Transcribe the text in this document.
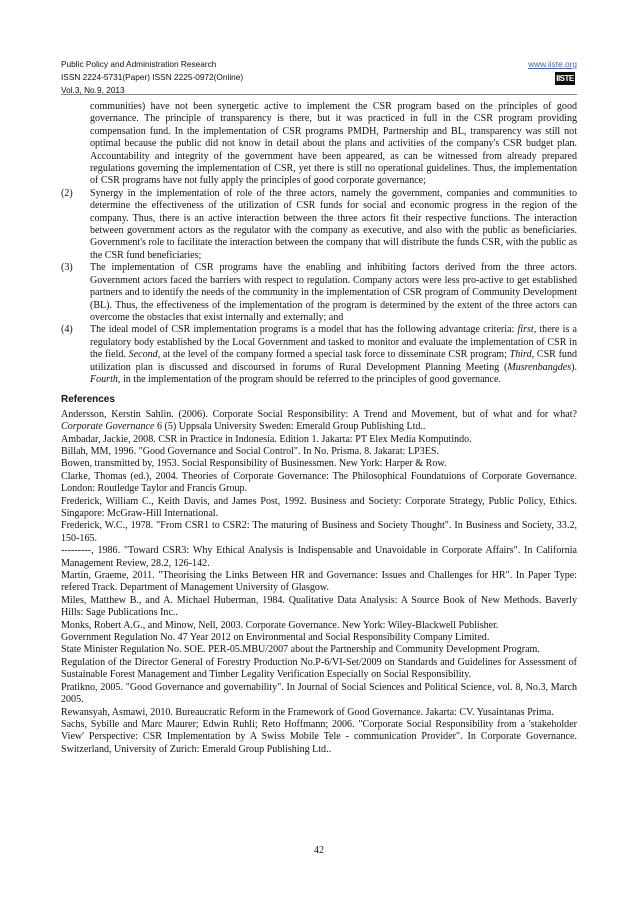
Public Policy and Administration Research
ISSN 2224-5731(Paper) ISSN 2225-0972(Online)
Vol.3, No.9, 2013
www.iiste.org
IISTE
communities) have not been synergetic active to implement the CSR program based on the principles of good governance. The principle of transparency is there, but it was practiced in full in the CSR program providing compensation fund. In the implementation of CSR programs PMDH, Partnership and BL, transparency was still not optimal because the public did not know in detail about the plans and activities of the company's CSR budget plan. Accountability and integrity of the government have been appeared, as can be witnessed from already prepared regulations governing the implementation of CSR, yet there is still no operational guidelines. Thus, the implementation of CSR programs have not fully apply the principles of good corporate governance;
(2) Synergy in the implementation of role of the three actors, namely the government, companies and communities to determine the effectiveness of the utilization of CSR funds for social and economic progress in the region of the company. Thus, there is an active interaction between the three actors fit their respective functions. The interaction between government actors as the regulator with the company as executive, and also with the public as beneficiaries. Government's role to facilitate the interaction between the company that will distribute the funds CSR, with the public as the CSR fund beneficiaries;
(3) The implementation of CSR programs have the enabling and inhibiting factors derived from the three actors. Government actors faced the barriers with respect to regulation. Company actors were less pro-active to get established partners and to identify the needs of the community in the implementation of CSR program of Community Development (BL). Thus, the effectiveness of the implementation of the program is determined by the extent of the three actors can overcome the obstacles that exist internally and externally; and
(4) The ideal model of CSR implementation programs is a model that has the following advantage criteria: first, there is a regulatory body established by the Local Government and tasked to monitor and evaluate the implementation of CSR in the field. Second, at the level of the company formed a special task force to disseminate CSR program; Third, CSR fund utilization plan is discussed and discoursed in forums of Rural Development Planning Meeting (Musrenbangdes). Fourth, in the implementation of the program should be referred to the principles of good governance.
References

Andersson, Kerstin Sahlin. (2006). Corporate Social Responsibility: A Trend and Movement, but of what and for what? Corporate Governance 6 (5) Uppsala University Sweden: Emerald Group Publishing Ltd..

Ambadar, Jackie, 2008. CSR in Practice in Indonesia. Edition 1. Jakarta: PT Elex Media Komputindo.

Billah, MM, 1996. "Good Governance and Social Control". In No. Prisma. 8. Jakarat: LP3ES.

Bowen, transmitted by, 1953. Social Responsibility of Businessmen. New York: Harper & Row.

Clarke, Thomas (ed.), 2004. Theories of Corporate Governance: The Philosophical Foundatuions of Corporate Governance. London: Routledge Taylor and Francis Group.

Frederick, William C., Keith Davis, and James Post, 1992. Business and Society: Corporate Strategy, Public Policy, Ethics. Singapore: McGraw-Hill International.

Frederick, W.C., 1978. "From CSR1 to CSR2: The maturing of Business and Society Thought". In Business and Society, 33.2, 150-165.

---------, 1986. "Toward CSR3: Why Ethical Analysis is Indispensable and Unavoidable in Corporate Affairs". In California Management Review, 28.2, 126-142.

Martin, Graeme, 2011. "Theorising the Links Between HR and Governance: Issues and Challenges for HR". In Paper Type: refered Track. Department of Management University of Glasgow.

Miles, Matthew B., and A. Michael Huberman, 1984. Qualitative Data Analysis: A Source Book of New Methods. Baverly Hills: Sage Publications Inc..

Monks, Robert A.G., and Minow, Nell, 2003. Corporate Governance. New York: Wiley-Blackwell Publisher.

Government Regulation No. 47 Year 2012 on Environmental and Social Responsibility Company Limited.

State Minister Regulation No. SOE. PER-05.MBU/2007 about the Partnership and Community Development Program.

Regulation of the Director General of Forestry Production No.P-6/VI-Set/2009 on Standards and Guidelines for Assessment of Sustainable Forest Management and Timber Legality Verification Especially on Social Responsibility.

Pratikno, 2005. "Good Governance and governability". In Journal of Social Sciences and Political Science, vol. 8, No.3, March 2005.

Rewansyah, Asmawi, 2010. Bureaucratic Reform in the Framework of Good Governance. Jakarta: CV. Yusaintanas Prima.

Sachs, Sybille and Marc Maurer; Edwin Ruhli; Reto Hoffmann; 2006. "Corporate Social Responsibility from a 'stakeholder View' Perspective: CSR Implementation by A Swiss Mobile Tele - communication Provider". In Corporate Governance. Switzerland, University of Zurich: Emerald Group Publishing Ltd..

42
